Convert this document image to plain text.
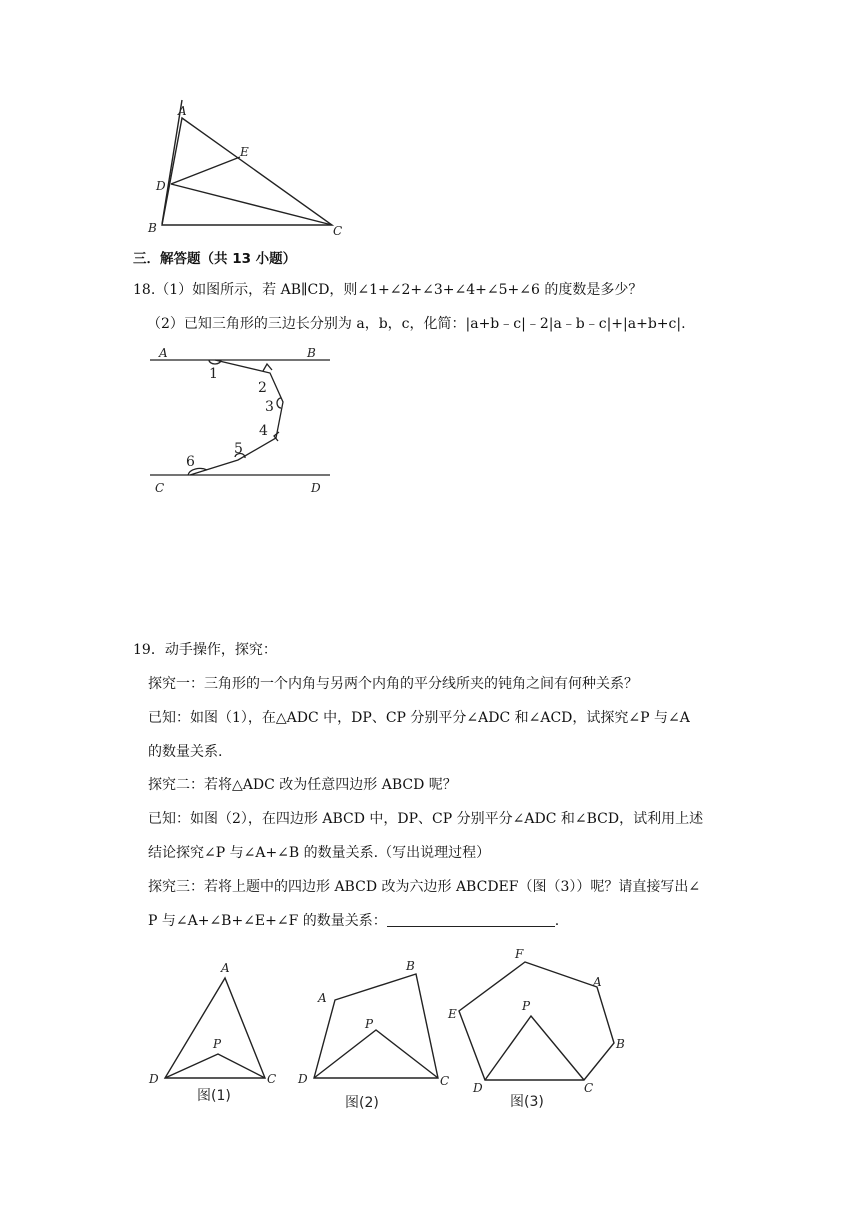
A
E
D
B	C
三．解答题（共 13 小题）
18.（1）如图所示，若 AB∥CD，则∠1+∠2+∠3+∠4+∠5+∠6 的度数是多少？
（2）已知三角形的三边长分别为 a，b，c，化简：|a+b﹣c|﹣2|a﹣b﹣c|+|a+b+c|.
A	B
C	D
1
2
3
4
5
6
19．动手操作，探究：
探究一：三角形的一个内角与另两个内角的平分线所夹的钝角之间有何种关系？
已知：如图（1），在△ADC 中，DP、CP 分别平分∠ADC 和∠ACD，试探究∠P 与∠A
的数量关系.
探究二：若将△ADC 改为任意四边形 ABCD 呢？
已知：如图（2），在四边形 ABCD 中，DP、CP 分别平分∠ADC 和∠BCD，试利用上述
结论探究∠P 与∠A+∠B 的数量关系.（写出说理过程）
探究三：若将上题中的四边形 ABCD 改为六边形 ABCDEF（图（3））呢？请直接写出∠
P 与∠A+∠B+∠E+∠F 的数量关系：	.
A
P
D	C
图(1)
B
A
P
D	C
图(2)
F
A
E
P
B
D	C
图(3)
